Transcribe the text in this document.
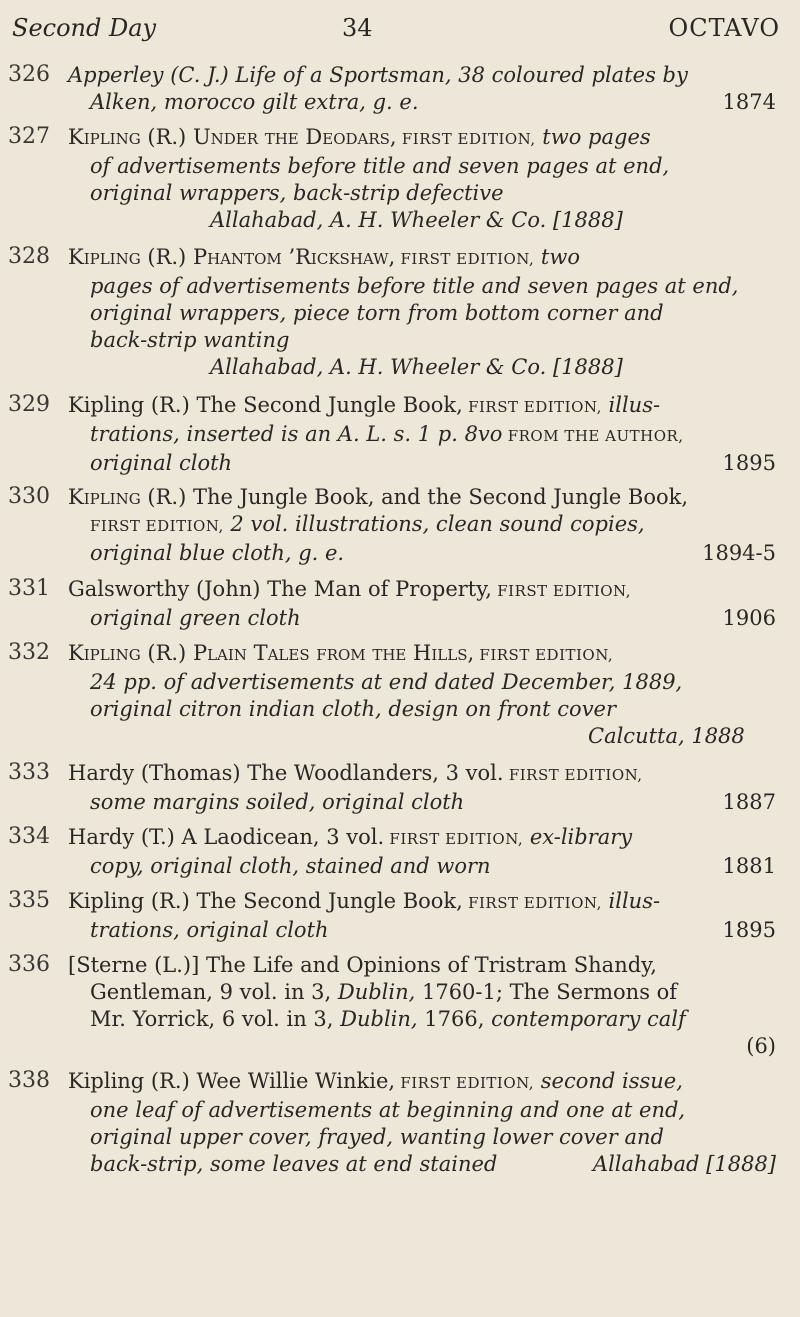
Second Day	34	OCTAVO
326 Apperley (C. J.) Life of a Sportsman, 38 coloured plates by
Alken, morocco gilt extra, g. e.	1874
327 Kipling (R.) Under the Deodars, FIRST EDITION, two pages
of advertisements before title and seven pages at end,
original wrappers, back-strip defective
Allahabad, A. H. Wheeler & Co. [1888]
328 Kipling (R.) Phantom ’Rickshaw, FIRST EDITION, two
pages of advertisements before title and seven pages at end,
original wrappers, piece torn from bottom corner and
back-strip wanting
Allahabad, A. H. Wheeler & Co. [1888]
329 Kipling (R.) The Second Jungle Book, FIRST EDITION, illus-
trations, inserted is an A. L. s. 1 p. 8vo FROM THE AUTHOR,
original cloth	1895
330 Kipling (R.) The Jungle Book, and the Second Jungle Book,
FIRST EDITION, 2 vol. illustrations, clean sound copies,
original blue cloth, g. e.	1894-5
331 Galsworthy (John) The Man of Property, FIRST EDITION,
original green cloth	1906
332 Kipling (R.) Plain Tales from the Hills, FIRST EDITION,
24 pp. of advertisements at end dated December, 1889,
original citron indian cloth, design on front cover
Calcutta, 1888
333 Hardy (Thomas) The Woodlanders, 3 vol. FIRST EDITION,
some margins soiled, original cloth	1887
334 Hardy (T.) A Laodicean, 3 vol. FIRST EDITION, ex-library
copy, original cloth, stained and worn	1881
335 Kipling (R.) The Second Jungle Book, FIRST EDITION, illus-
trations, original cloth	1895
336 [Sterne (L.)] The Life and Opinions of Tristram Shandy,
Gentleman, 9 vol. in 3, Dublin, 1760-1; The Sermons of
Mr. Yorrick, 6 vol. in 3, Dublin, 1766, contemporary calf
(6)
338 Kipling (R.) Wee Willie Winkie, FIRST EDITION, second issue,
one leaf of advertisements at beginning and one at end,
original upper cover, frayed, wanting lower cover and
back-strip, some leaves at end stained	Allahabad [1888]
